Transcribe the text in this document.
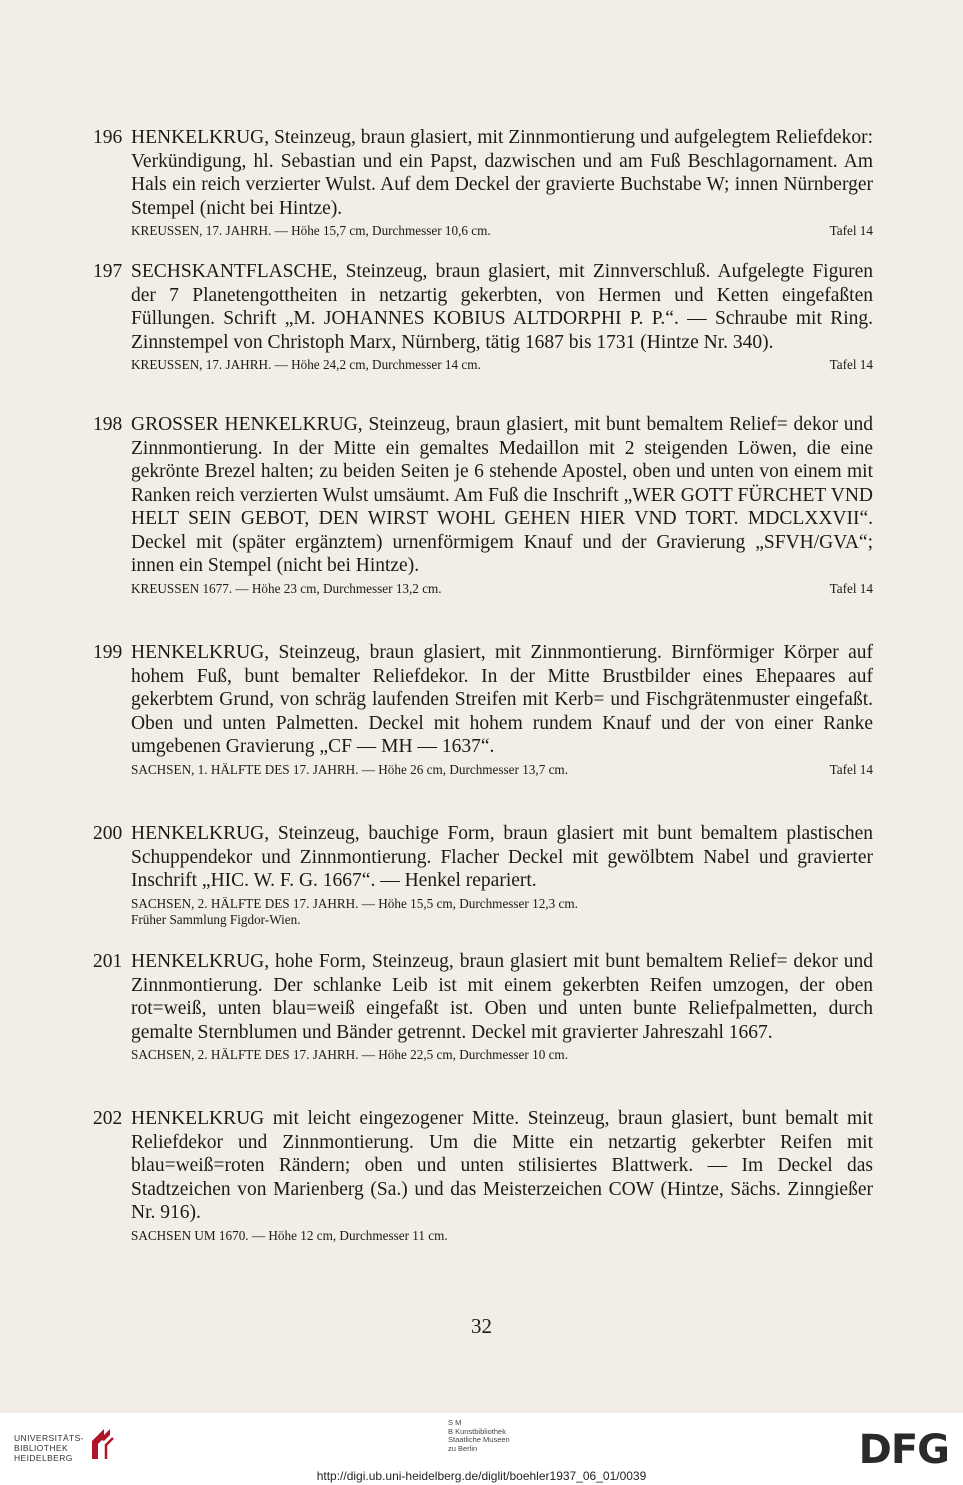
196 HENKELKRUG, Steinzeug, braun glasiert, mit Zinnmontierung und aufgelegtem Reliefdekor: Verkündigung, hl. Sebastian und ein Papst, dazwischen und am Fuß Beschlagornament. Am Hals ein reich verzierter Wulst. Auf dem Deckel der gravierte Buchstabe W; innen Nürnberger Stempel (nicht bei Hintze).
KREUSSEN, 17. JAHRH. — Höhe 15,7 cm, Durchmesser 10,6 cm.	Tafel 14
197 SECHSKANTFLASCHE, Steinzeug, braun glasiert, mit Zinnverschluß. Aufgelegte Figuren der 7 Planetengottheiten in netzartig gekerbten, von Hermen und Ketten eingefaßten Füllungen. Schrift „M. JOHANNES KOBIUS ALTDORPHI P. P.“. — Schraube mit Ring. Zinnstempel von Christoph Marx, Nürnberg, tätig 1687 bis 1731 (Hintze Nr. 340).
KREUSSEN, 17. JAHRH. — Höhe 24,2 cm, Durchmesser 14 cm.	Tafel 14
198 GROSSER HENKELKRUG, Steinzeug, braun glasiert, mit bunt bemaltem Relief= dekor und Zinnmontierung. In der Mitte ein gemaltes Medaillon mit 2 steigenden Löwen, die eine gekrönte Brezel halten; zu beiden Seiten je 6 stehende Apostel, oben und unten von einem mit Ranken reich verzierten Wulst umsäumt. Am Fuß die Inschrift „WER GOTT FÜRCHET VND HELT SEIN GEBOT, DEN WIRST WOHL GEHEN HIER VND TORT. MDCLXXVII“. Deckel mit (später ergänztem) urnenförmigem Knauf und der Gravierung „SFVH/GVA“; innen ein Stempel (nicht bei Hintze).
KREUSSEN 1677. — Höhe 23 cm, Durchmesser 13,2 cm.	Tafel 14
199 HENKELKRUG, Steinzeug, braun glasiert, mit Zinnmontierung. Birnförmiger Körper auf hohem Fuß, bunt bemalter Reliefdekor. In der Mitte Brustbilder eines Ehepaares auf gekerbtem Grund, von schräg laufenden Streifen mit Kerb= und Fischgrätenmuster eingefaßt. Oben und unten Palmetten. Deckel mit hohem rundem Knauf und der von einer Ranke umgebenen Gravierung „CF — MH — 1637“.
SACHSEN, 1. HÄLFTE DES 17. JAHRH. — Höhe 26 cm, Durchmesser 13,7 cm.	Tafel 14
200 HENKELKRUG, Steinzeug, bauchige Form, braun glasiert mit bunt bemaltem plastischen Schuppendekor und Zinnmontierung. Flacher Deckel mit gewölbtem Nabel und gravierter Inschrift „HIC. W. F. G. 1667“. — Henkel repariert.
SACHSEN, 2. HÄLFTE DES 17. JAHRH. — Höhe 15,5 cm, Durchmesser 12,3 cm.
Früher Sammlung Figdor-Wien.
201 HENKELKRUG, hohe Form, Steinzeug, braun glasiert mit bunt bemaltem Relief= dekor und Zinnmontierung. Der schlanke Leib ist mit einem gekerbten Reifen umzogen, der oben rot=weiß, unten blau=weiß eingefaßt ist. Oben und unten bunte Reliefpalmetten, durch gemalte Sternblumen und Bänder getrennt. Deckel mit gravierter Jahreszahl 1667.
SACHSEN, 2. HÄLFTE DES 17. JAHRH. — Höhe 22,5 cm, Durchmesser 10 cm.
202 HENKELKRUG mit leicht eingezogener Mitte. Steinzeug, braun glasiert, bunt bemalt mit Reliefdekor und Zinnmontierung. Um die Mitte ein netzartig gekerbter Reifen mit blau=weiß=roten Rändern; oben und unten stilisiertes Blattwerk. — Im Deckel das Stadtzeichen von Marienberg (Sa.) und das Meisterzeichen COW (Hintze, Sächs. Zinngießer Nr. 916).
SACHSEN UM 1670. — Höhe 12 cm, Durchmesser 11 cm.
32
UNIVERSITÄTS-
BIBLIOTHEK
HEIDELBERG
S M
B Kunstbibliothek
Staatliche Museen
zu Berlin	DFG
http://digi.ub.uni-heidelberg.de/diglit/boehler1937_06_01/0039
